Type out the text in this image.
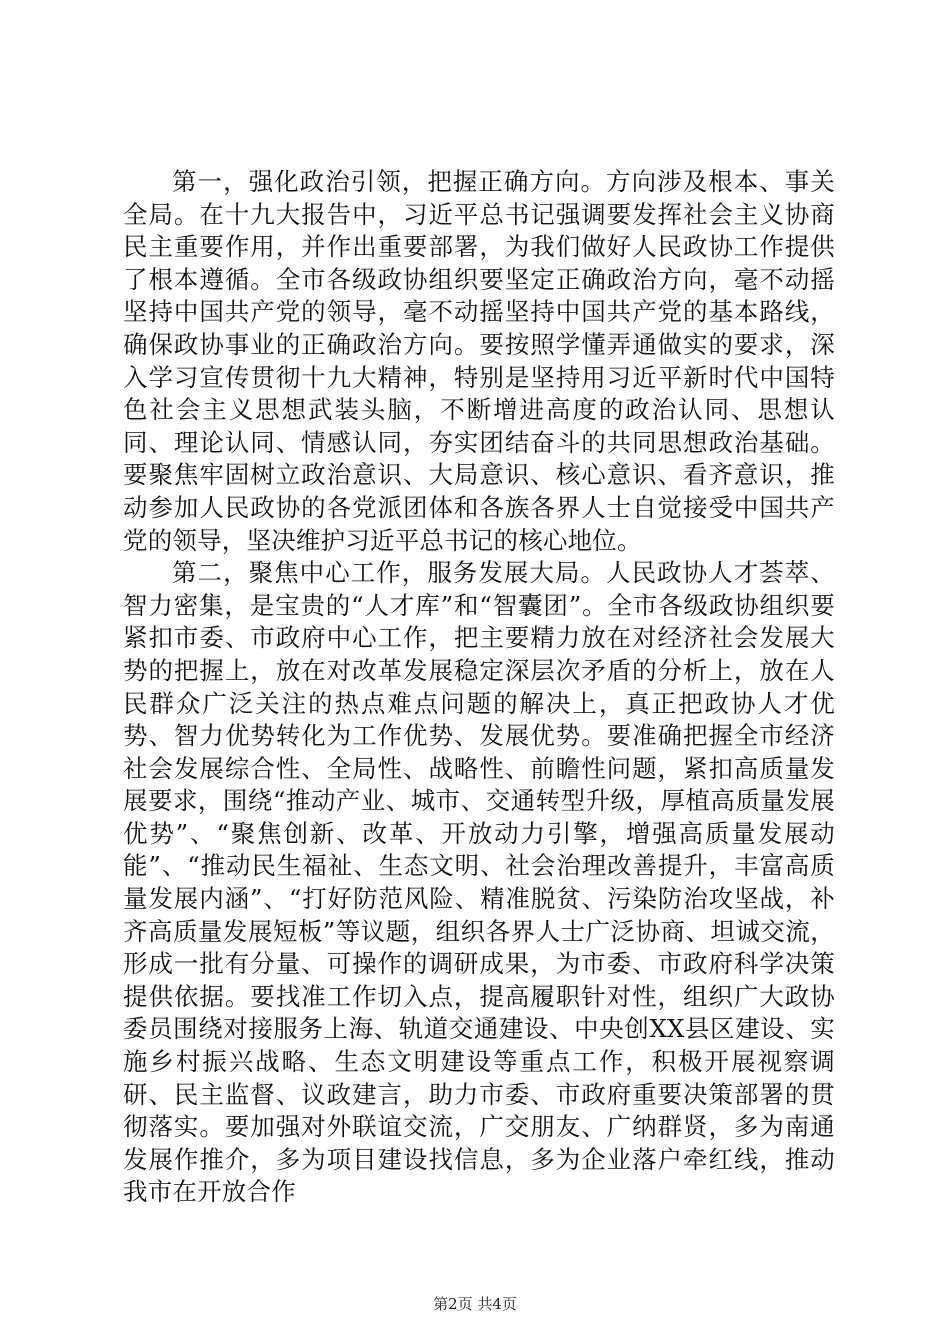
第一，强化政治引领，把握正确方向。方向涉及根本、事关全局。在十九大报告中，习近平总书记强调要发挥社会主义协商民主重要作用，并作出重要部署，为我们做好人民政协工作提供了根本遵循。全市各级政协组织要坚定正确政治方向，毫不动摇坚持中国共产党的领导，毫不动摇坚持中国共产党的基本路线，确保政协事业的正确政治方向。要按照学懂弄通做实的要求，深入学习宣传贯彻十九大精神，特别是坚持用习近平新时代中国特色社会主义思想武装头脑，不断增进高度的政治认同、思想认同、理论认同、情感认同，夯实团结奋斗的共同思想政治基础。要聚焦牢固树立政治意识、大局意识、核心意识、看齐意识，推动参加人民政协的各党派团体和各族各界人士自觉接受中国共产党的领导，坚决维护习近平总书记的核心地位。

第二，聚焦中心工作，服务发展大局。人民政协人才荟萃、智力密集，是宝贵的“人才库”和“智囊团”。全市各级政协组织要紧扣市委、市政府中心工作，把主要精力放在对经济社会发展大势的把握上，放在对改革发展稳定深层次矛盾的分析上，放在人民群众广泛关注的热点难点问题的解决上，真正把政协人才优势、智力优势转化为工作优势、发展优势。要准确把握全市经济社会发展综合性、全局性、战略性、前瞻性问题，紧扣高质量发展要求，围绕“推动产业、城市、交通转型升级，厚植高质量发展优势”、“聚焦创新、改革、开放动力引擎，增强高质量发展动能”、“推动民生福祉、生态文明、社会治理改善提升，丰富高质量发展内涵”、“打好防范风险、精准脱贫、污染防治攻坚战，补齐高质量发展短板”等议题，组织各界人士广泛协商、坦诚交流，形成一批有分量、可操作的调研成果，为市委、市政府科学决策提供依据。要找准工作切入点，提高履职针对性，组织广大政协委员围绕对接服务上海、轨道交通建设、中央创XX县区建设、实施乡村振兴战略、生态文明建设等重点工作，积极开展视察调研、民主监督、议政建言，助力市委、市政府重要决策部署的贯彻落实。要加强对外联谊交流，广交朋友、广纳群贤，多为南通发展作推介，多为项目建设找信息，多为企业落户牵红线，推动我市在开放合作

第2页 共4页
